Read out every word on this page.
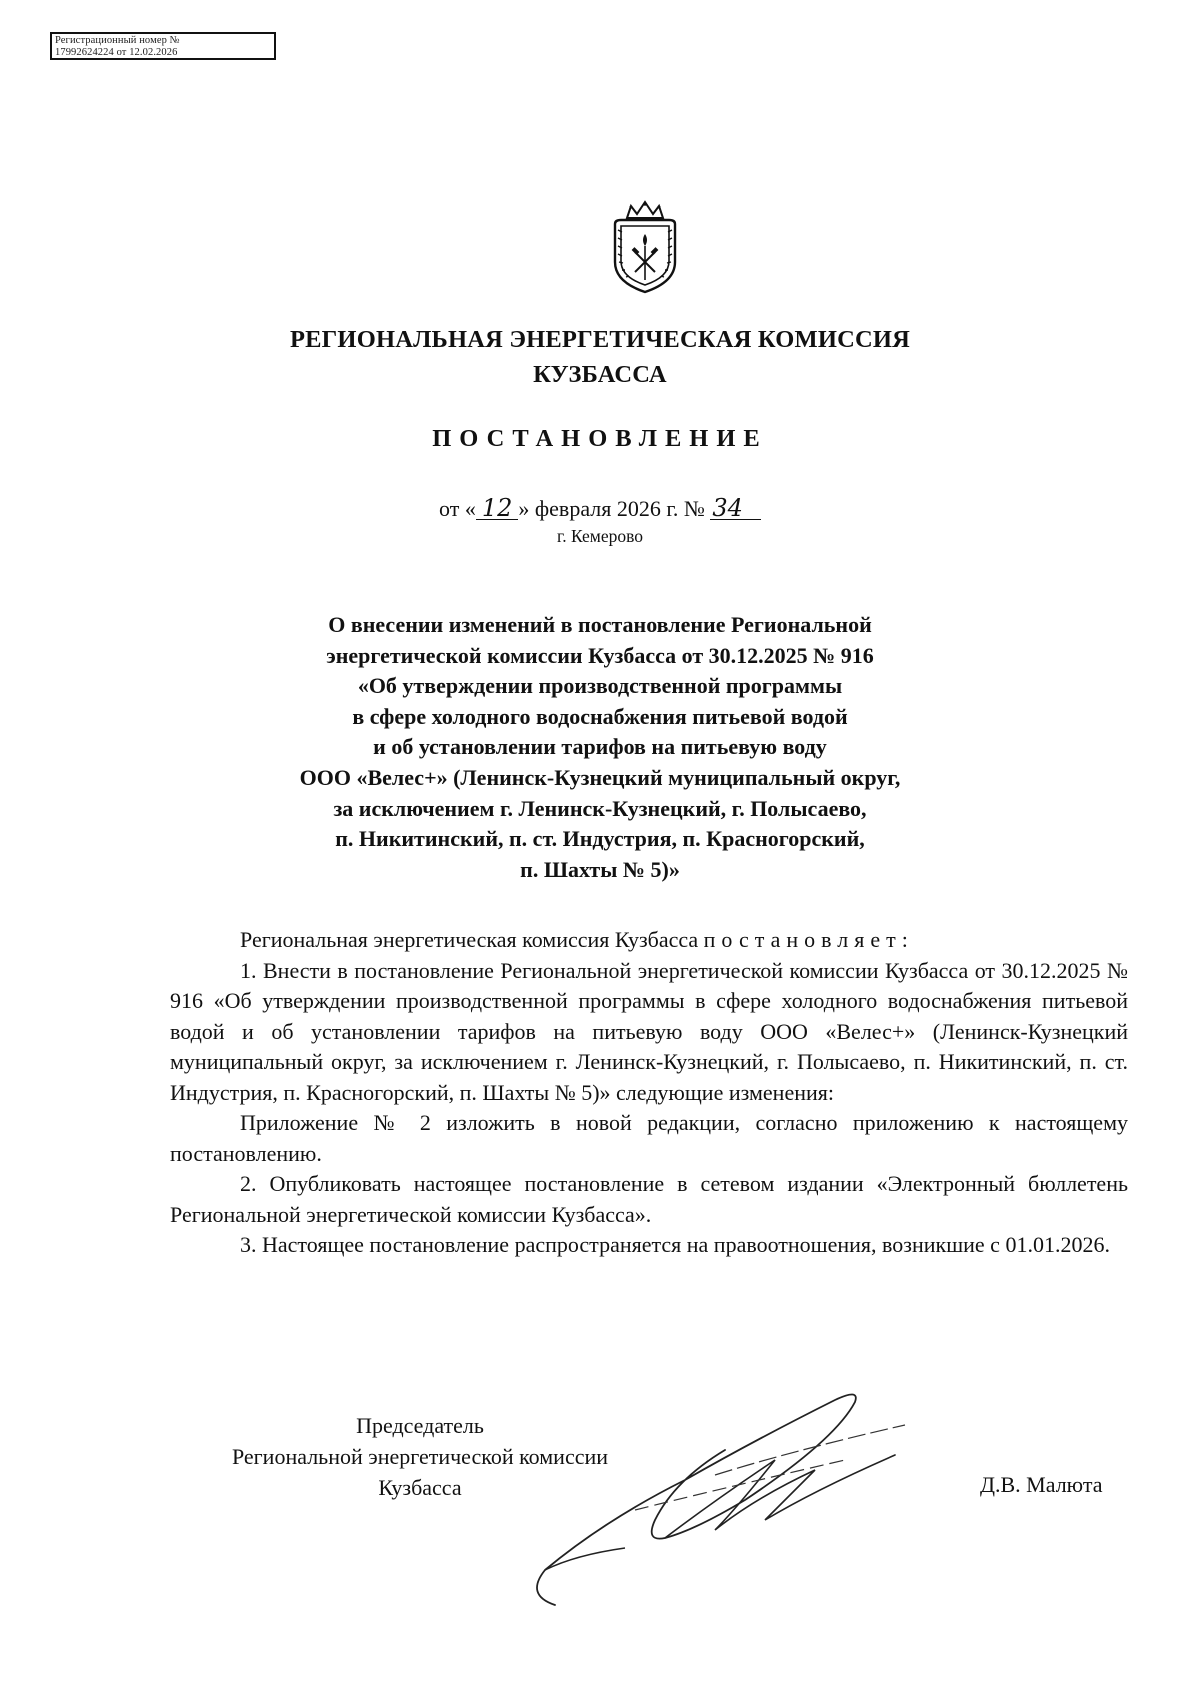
Регистрационный номер №
17992624224 от 12.02.2026
РЕГИОНАЛЬНАЯ ЭНЕРГЕТИЧЕСКАЯ КОМИССИЯ
КУЗБАССА
ПОСТАНОВЛЕНИЕ
от « 12 » февраля 2026 г. № 34
г. Кемерово
О внесении изменений в постановление Региональной
энергетической комиссии Кузбасса от 30.12.2025 № 916
«Об утверждении производственной программы
в сфере холодного водоснабжения питьевой водой
и об установлении тарифов на питьевую воду
ООО «Велес+» (Ленинск-Кузнецкий муниципальный округ,
за исключением г. Ленинск-Кузнецкий, г. Полысаево,
п. Никитинский, п. ст. Индустрия, п. Красногорский,
п. Шахты № 5)»

Региональная энергетическая комиссия Кузбасса постановляет:

1. Внести в постановление Региональной энергетической комиссии Кузбасса от 30.12.2025 № 916 «Об утверждении производственной программы в сфере холодного водоснабжения питьевой водой и об установлении тарифов на питьевую воду ООО «Велес+» (Ленинск-Кузнецкий муниципальный округ, за исключением г. Ленинск-Кузнецкий, г. Полысаево, п. Никитинский, п. ст. Индустрия, п. Красногорский, п. Шахты № 5)» следующие изменения:

Приложение № 2 изложить в новой редакции, согласно приложению к настоящему постановлению.

2. Опубликовать настоящее постановление в сетевом издании «Электронный бюллетень Региональной энергетической комиссии Кузбасса».

3. Настоящее постановление распространяется на правоотношения, возникшие с 01.01.2026.

Председатель
Региональной энергетической комиссии
Кузбасса	Д.В. Малюта
